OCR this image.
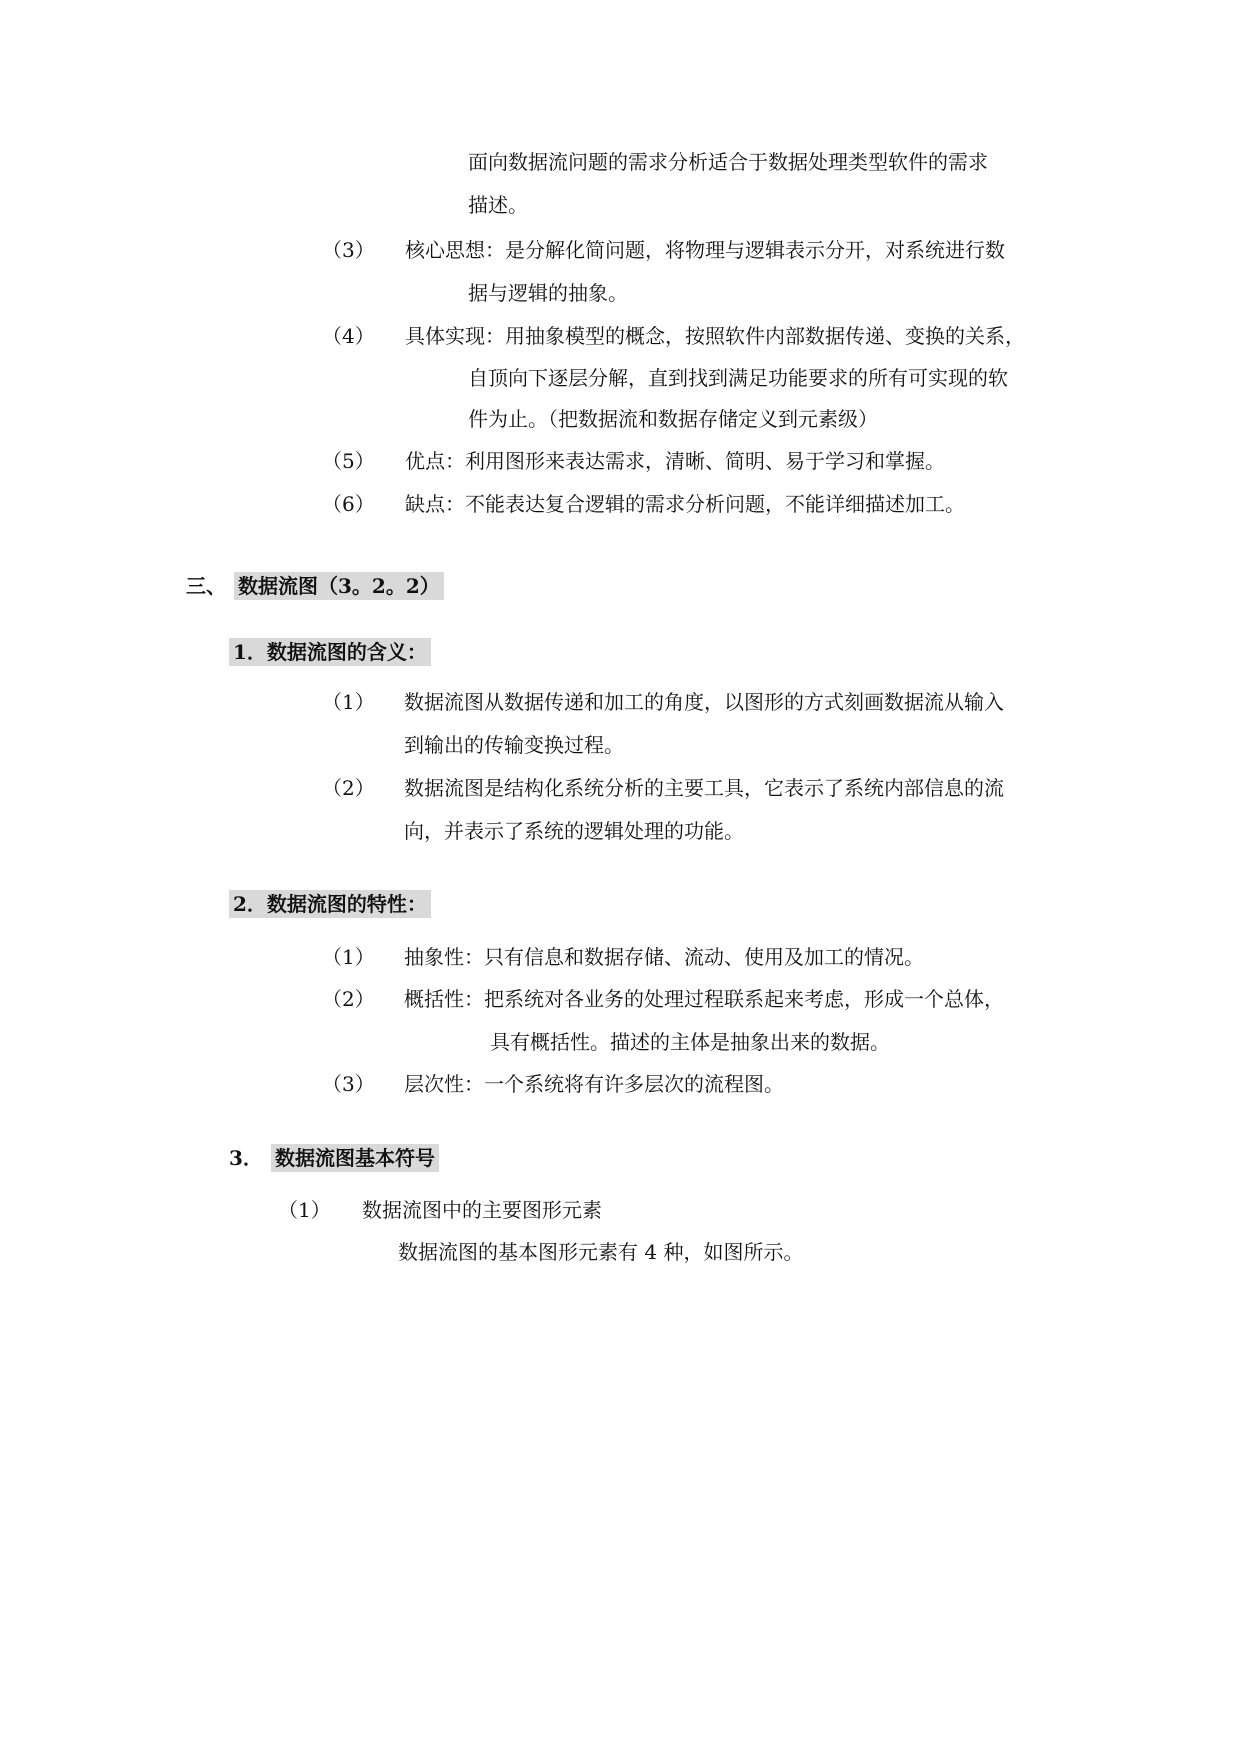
面向数据流问题的需求分析适合于数据处理类型软件的需求
描述。
（3） 核心思想：是分解化简问题，将物理与逻辑表示分开，对系统进行数
据与逻辑的抽象。
（4） 具体实现：用抽象模型的概念，按照软件内部数据传递、变换的关系，
自顶向下逐层分解，直到找到满足功能要求的所有可实现的软
件为止。（把数据流和数据存储定义到元素级）
（5） 优点：利用图形来表达需求，清晰、简明、易于学习和掌握。
（6） 缺点：不能表达复合逻辑的需求分析问题，不能详细描述加工。
三、 数据流图（3。2。2）
1．数据流图的含义：
（1） 数据流图从数据传递和加工的角度，以图形的方式刻画数据流从输入
到输出的传输变换过程。
（2） 数据流图是结构化系统分析的主要工具，它表示了系统内部信息的流
向，并表示了系统的逻辑处理的功能。
2．数据流图的特性：
（1） 抽象性：只有信息和数据存储、流动、使用及加工的情况。
（2） 概括性：把系统对各业务的处理过程联系起来考虑，形成一个总体，
具有概括性。描述的主体是抽象出来的数据。
（3） 层次性：一个系统将有许多层次的流程图。
3． 数据流图基本符号
（1） 数据流图中的主要图形元素
数据流图的基本图形元素有 4 种，如图所示。
